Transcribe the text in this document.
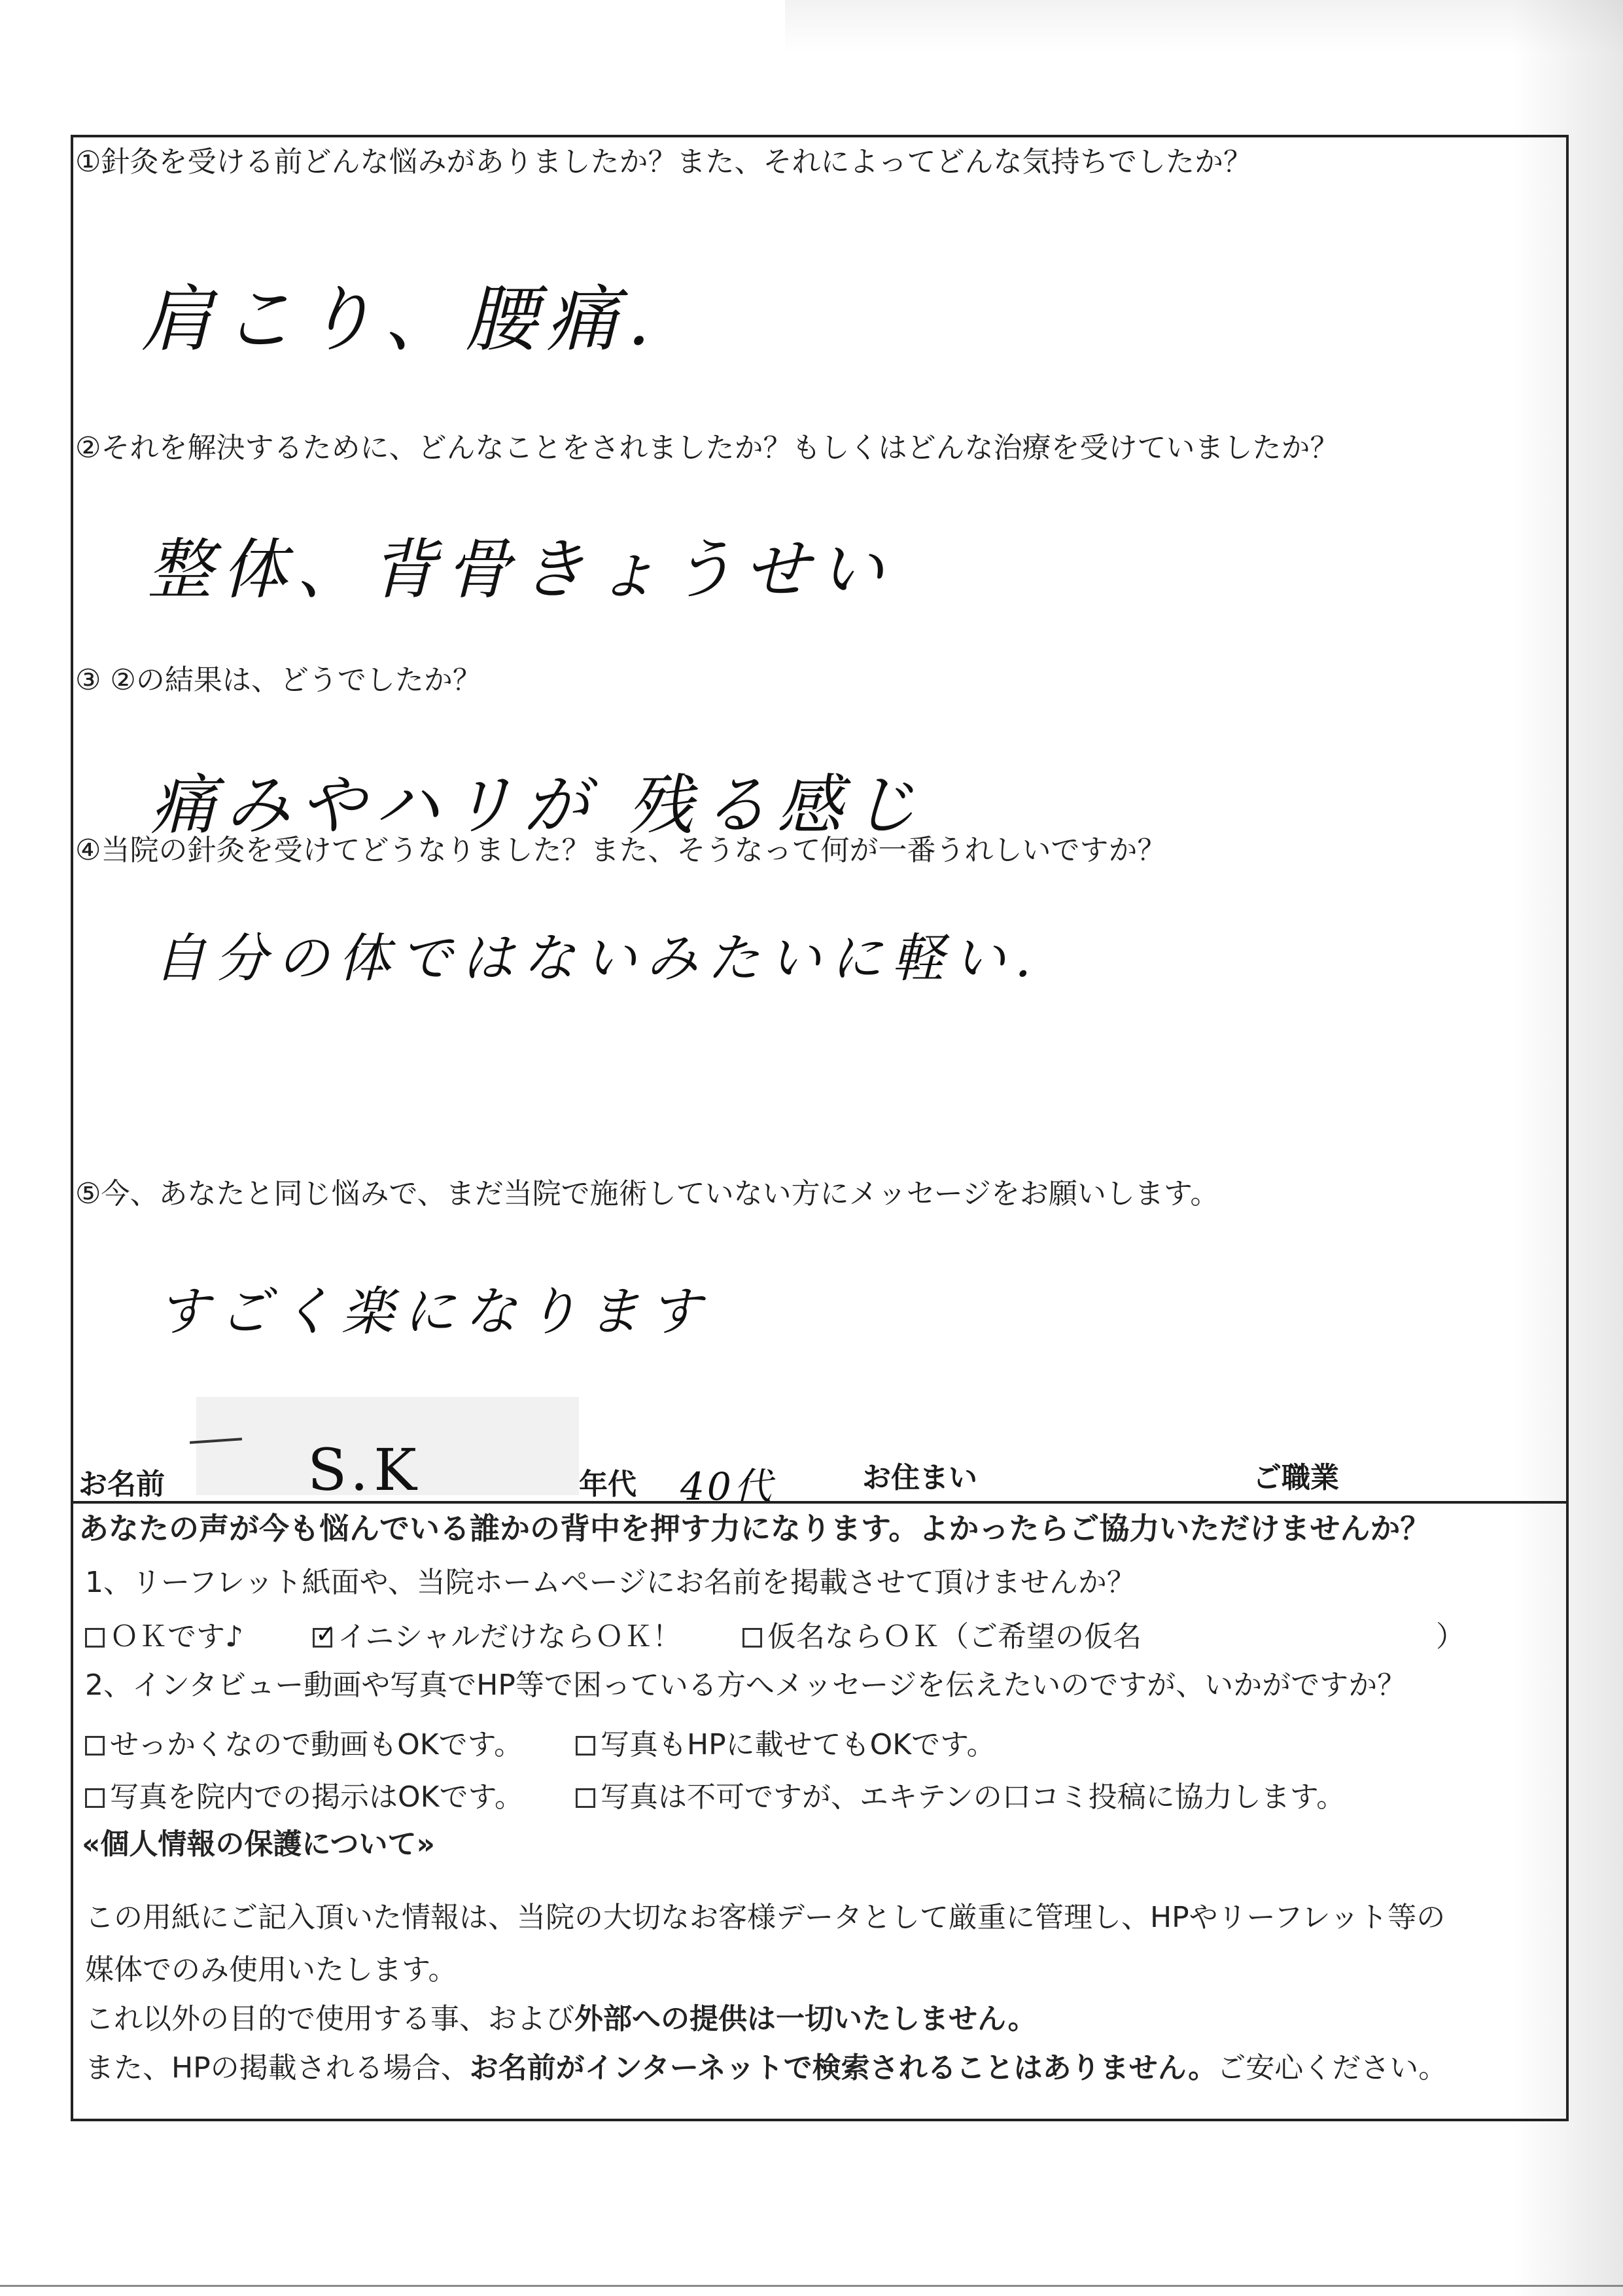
①針灸を受ける前どんな悩みがありましたか？また、それによってどんな気持ちでしたか？
肩こり、腰痛.
②それを解決するために、どんなことをされましたか？もしくはどんな治療を受けていましたか？
整体、背骨きょうせい
③ ②の結果は、どうでしたか？
痛みやハリが 残る感じ
④当院の針灸を受けてどうなりました？また、そうなって何が一番うれしいですか？
自分の体ではないみたいに軽い.
⑤今、あなたと同じ悩みで、まだ当院で施術していない方にメッセージをお願いします。
すごく楽になります
お名前 S.K	年代 40代	お住まい	ご職業
あなたの声が今も悩んでいる誰かの背中を押す力になります。よかったらご協力いただけませんか？
1、リーフレット紙面や、当院ホームページにお名前を掲載させて頂けませんか？
ＯＫです♪
✓	イニシャルだけならＯＫ！	仮名ならＯＫ（ご希望の仮名	）
2、インタビュー動画や写真でHP等で困っている方へメッセージを伝えたいのですが、いかがですか？
せっかくなので動画もOKです。	写真もHPに載せてもOKです。
写真を院内での掲示はOKです。	写真は不可ですが、エキテンの口コミ投稿に協力します。
«個人情報の保護について»
この用紙にご記入頂いた情報は、当院の大切なお客様データとして厳重に管理し、HPやリーフレット等の
媒体でのみ使用いたします。
これ以外の目的で使用する事、および外部への提供は一切いたしません。
また、HPの掲載される場合、お名前がインターネットで検索されることはありません。ご安心ください。
